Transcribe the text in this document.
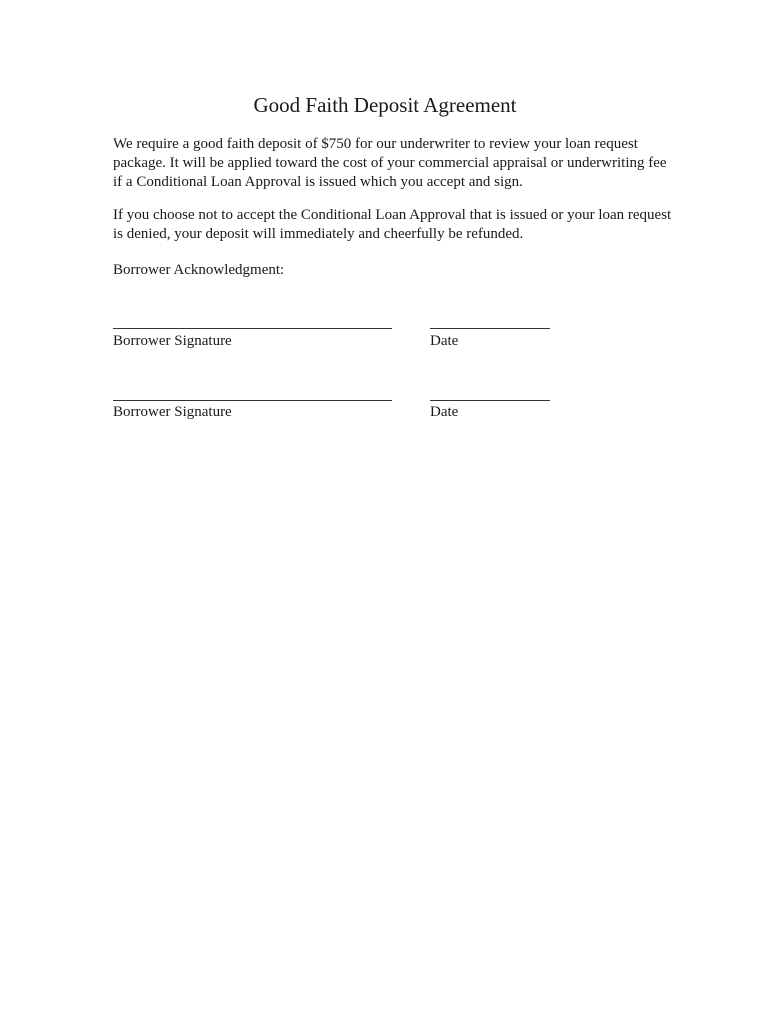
Good Faith Deposit Agreement

We require a good faith deposit of $750 for our underwriter to review your loan request package. It will be applied toward the cost of your commercial appraisal or underwriting fee if a Conditional Loan Approval is issued which you accept and sign.

If you choose not to accept the Conditional Loan Approval that is issued or your loan request is denied, your deposit will immediately and cheerfully be refunded.

Borrower Acknowledgment:

Borrower Signature	Date
Borrower Signature	Date
